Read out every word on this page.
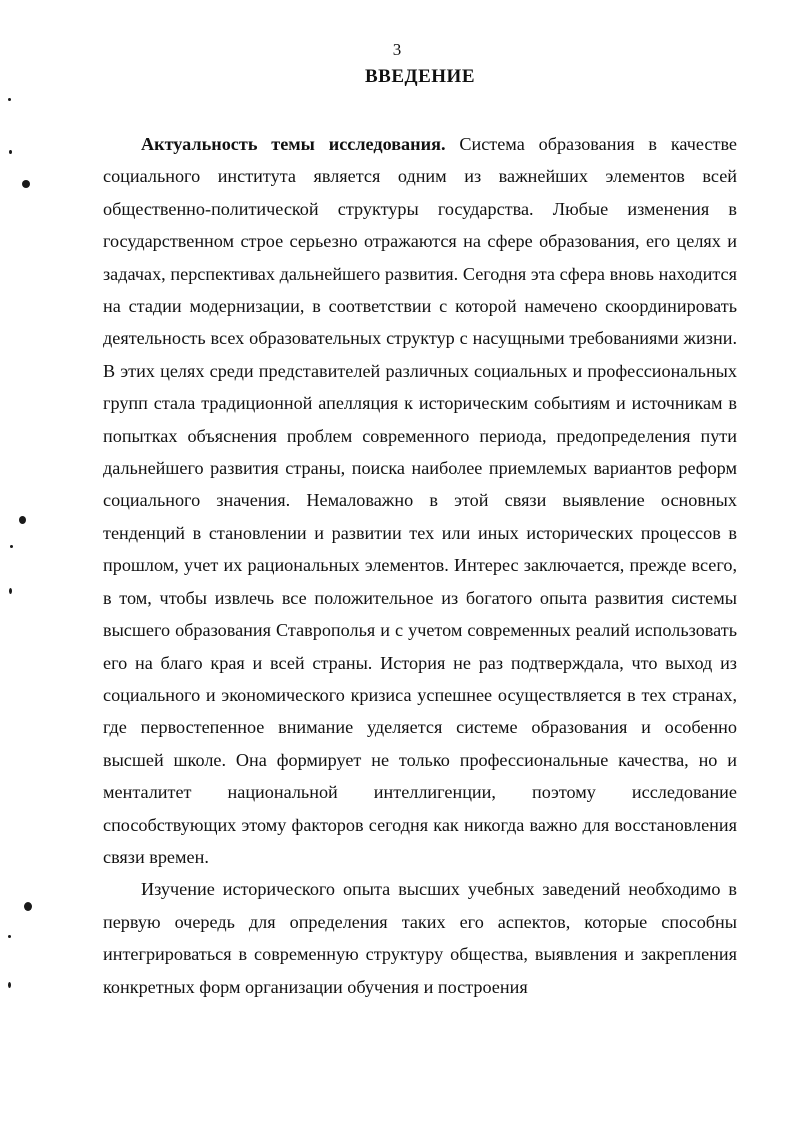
3
ВВЕДЕНИЕ

Актуальность темы исследования. Система образования в качестве социального института является одним из важнейших элементов всей общественно-политической структуры государства. Любые изменения в государственном строе серьезно отражаются на сфере образования, его целях и задачах, перспективах дальнейшего развития. Сегодня эта сфера вновь находится на стадии модернизации, в соответствии с которой намечено скоординировать деятельность всех образовательных структур с насущными требованиями жизни. В этих целях среди представителей различных социальных и профессиональных групп стала традиционной апелляция к историческим событиям и источникам в попытках объяснения проблем современного периода, предопределения пути дальнейшего развития страны, поиска наиболее приемлемых вариантов реформ социального значения. Немаловажно в этой связи выявление основных тенденций в становлении и развитии тех или иных исторических процессов в прошлом, учет их рациональных элементов. Интерес заключается, прежде всего, в том, чтобы извлечь все положительное из богатого опыта развития системы высшего образования Ставрополья и с учетом современных реалий использовать его на благо края и всей страны. История не раз подтверждала, что выход из социального и экономического кризиса успешнее осуществляется в тех странах, где первостепенное внимание уделяется системе образования и особенно высшей школе. Она формирует не только профессиональные качества, но и менталитет национальной интеллигенции, поэтому исследование способствующих этому факторов сегодня как никогда важно для восстановления связи времен.

Изучение исторического опыта высших учебных заведений необходимо в первую очередь для определения таких его аспектов, которые способны интегрироваться в современную структуру общества, выявления и закрепления конкретных форм организации обучения и построения
